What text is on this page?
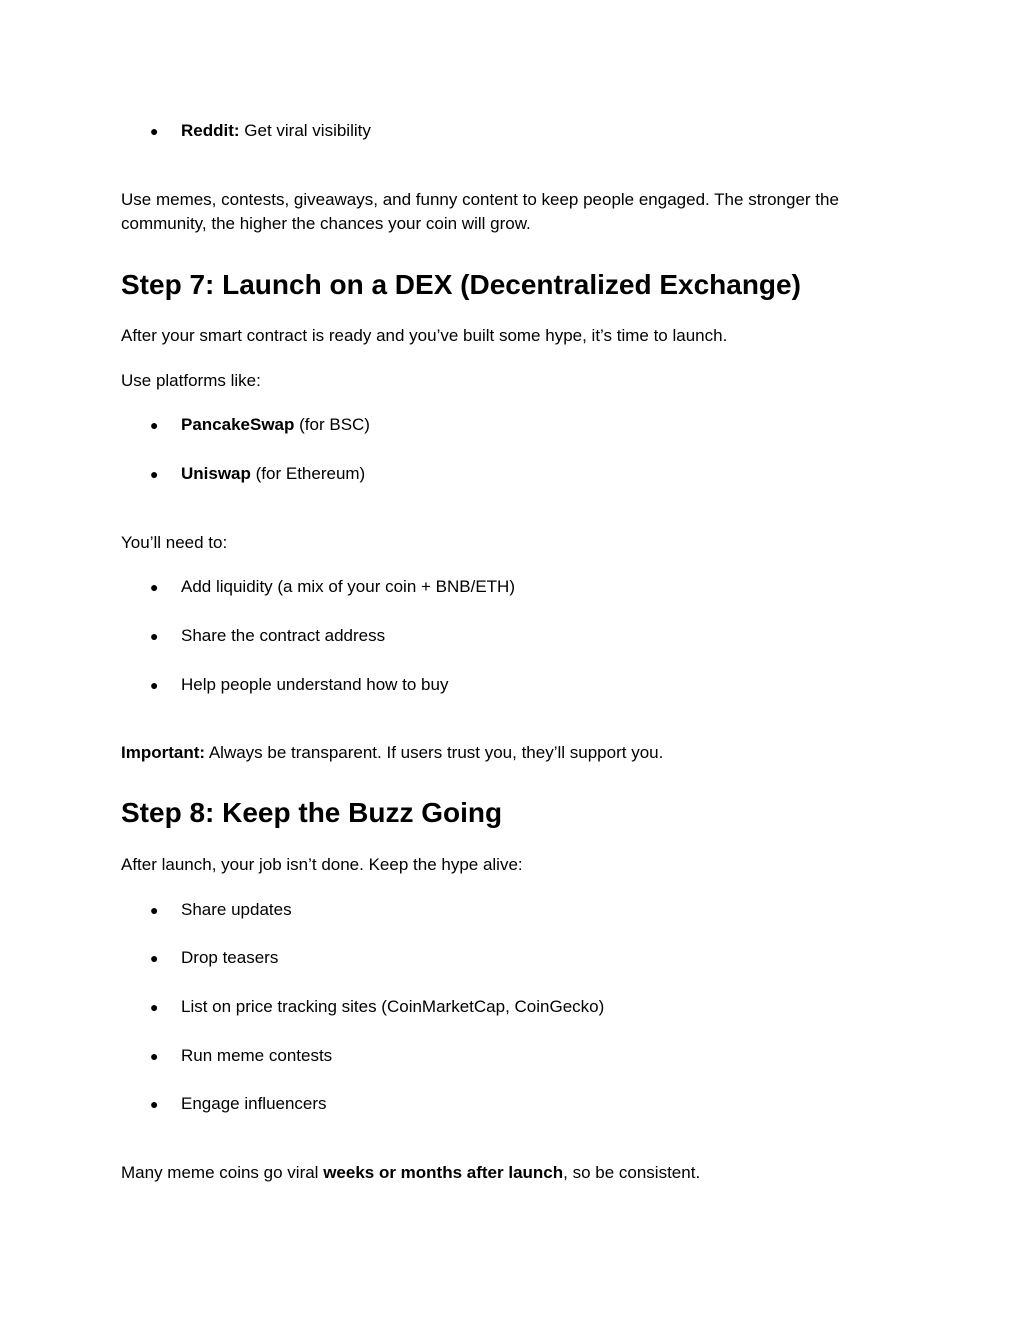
● Reddit: Get viral visibility
Use memes, contests, giveaways, and funny content to keep people engaged. The stronger the community, the higher the chances your coin will grow.
Step 7: Launch on a DEX (Decentralized Exchange)
After your smart contract is ready and you’ve built some hype, it’s time to launch.
Use platforms like:
● PancakeSwap (for BSC)
● Uniswap (for Ethereum)
You’ll need to:
● Add liquidity (a mix of your coin + BNB/ETH)
● Share the contract address
● Help people understand how to buy
Important: Always be transparent. If users trust you, they’ll support you.
Step 8: Keep the Buzz Going
After launch, your job isn’t done. Keep the hype alive:
● Share updates
● Drop teasers
● List on price tracking sites (CoinMarketCap, CoinGecko)
● Run meme contests
● Engage influencers
Many meme coins go viral weeks or months after launch, so be consistent.
